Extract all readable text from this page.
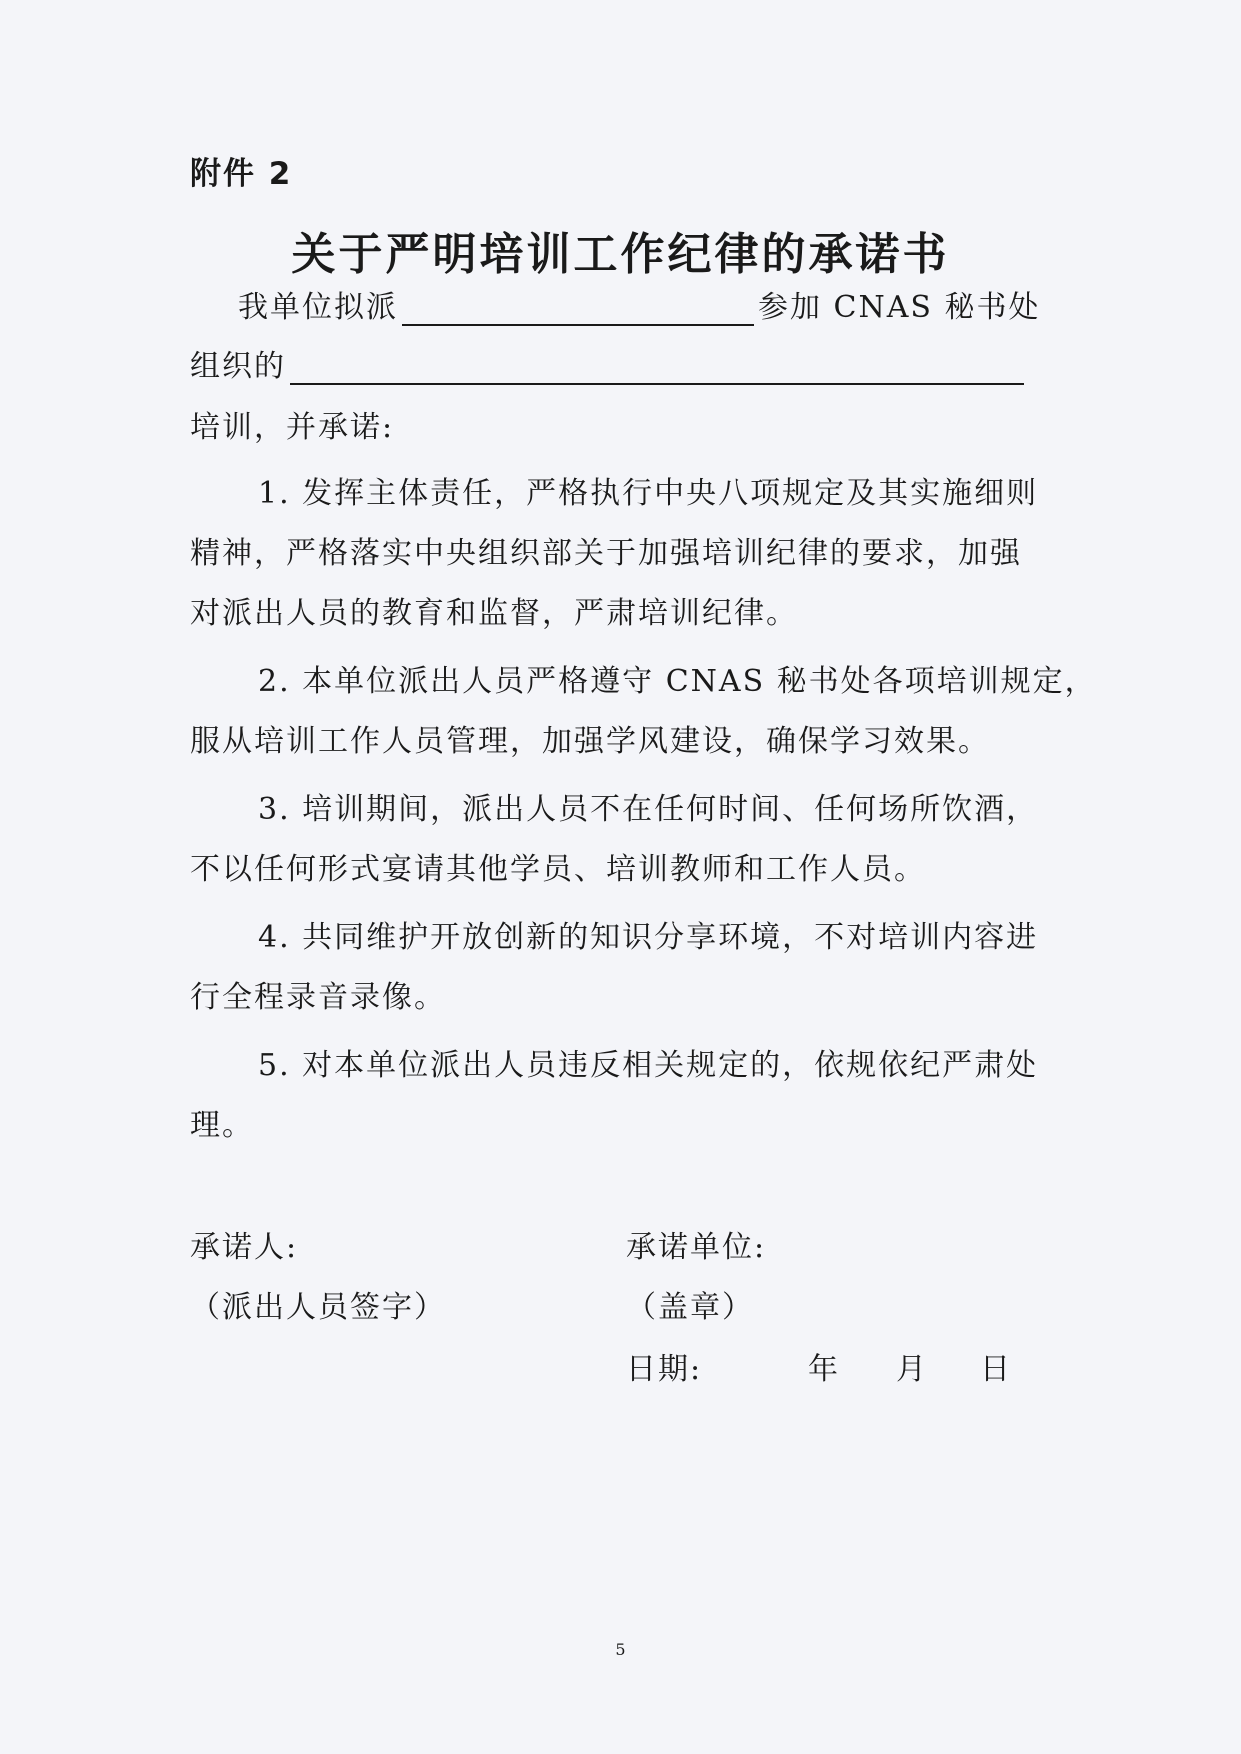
附件 2
关于严明培训工作纪律的承诺书
我单位拟派	参加 CNAS 秘书处
组织的
培训，并承诺:
1. 发挥主体责任，严格执行中央八项规定及其实施细则
精神，严格落实中央组织部关于加强培训纪律的要求，加强
对派出人员的教育和监督，严肃培训纪律。
2. 本单位派出人员严格遵守 CNAS 秘书处各项培训规定，
服从培训工作人员管理，加强学风建设，确保学习效果。
3. 培训期间，派出人员不在任何时间、任何场所饮酒，
不以任何形式宴请其他学员、培训教师和工作人员。
4. 共同维护开放创新的知识分享环境，不对培训内容进
行全程录音录像。
5. 对本单位派出人员违反相关规定的，依规依纪严肃处
理。
承诺人:
（派出人员签字）
承诺单位:
（盖章）
日期:	年 月 日
5
